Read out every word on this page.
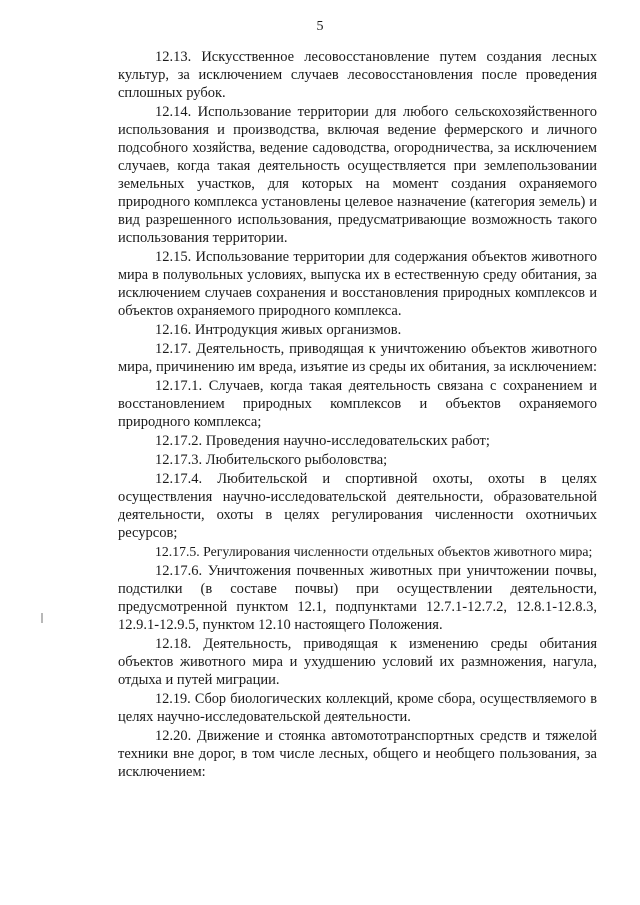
5
12.13. Искусственное лесовосстановление путем создания лесных
культур, за исключением случаев лесовосстановления после проведения
сплошных рубок.
12.14. Использование территории для любого сельскохозяйственного
использования и производства, включая ведение фермерского и личного
подсобного хозяйства, ведение садоводства, огородничества, за исключением
случаев, когда такая деятельность осуществляется при землепользовании
земельных участков, для которых на момент создания охраняемого
природного комплекса установлены целевое назначение (категория земель) и
вид разрешенного использования, предусматривающие возможность такого
использования территории.
12.15. Использование территории для содержания объектов животного
мира в полувольных условиях, выпуска их в естественную среду обитания, за
исключением случаев сохранения и восстановления природных комплексов и
объектов охраняемого природного комплекса.
12.16. Интродукция живых организмов.
12.17. Деятельность, приводящая к уничтожению объектов животного
мира, причинению им вреда, изъятие из среды их обитания, за исключением:
12.17.1. Случаев, когда такая деятельность связана с сохранением и
восстановлением природных комплексов и объектов охраняемого
природного комплекса;
12.17.2. Проведения научно-исследовательских работ;
12.17.3. Любительского рыболовства;
12.17.4. Любительской и спортивной охоты, охоты в целях
осуществления научно-исследовательской деятельности, образовательной
деятельности, охоты в целях регулирования численности охотничьих
ресурсов;
12.17.5. Регулирования численности отдельных объектов животного мира;
12.17.6. Уничтожения почвенных животных при уничтожении почвы,
подстилки (в составе почвы) при осуществлении деятельности,
предусмотренной пунктом 12.1, подпунктами 12.7.1-12.7.2, 12.8.1-12.8.3,
12.9.1-12.9.5, пунктом 12.10 настоящего Положения.
12.18. Деятельность, приводящая к изменению среды обитания
объектов животного мира и ухудшению условий их размножения, нагула,
отдыха и путей миграции.
12.19. Сбор биологических коллекций, кроме сбора, осуществляемого в
целях научно-исследовательской деятельности.
12.20. Движение и стоянка автомототранспортных средств и тяжелой
техники вне дорог, в том числе лесных, общего и необщего пользования, за
исключением:
